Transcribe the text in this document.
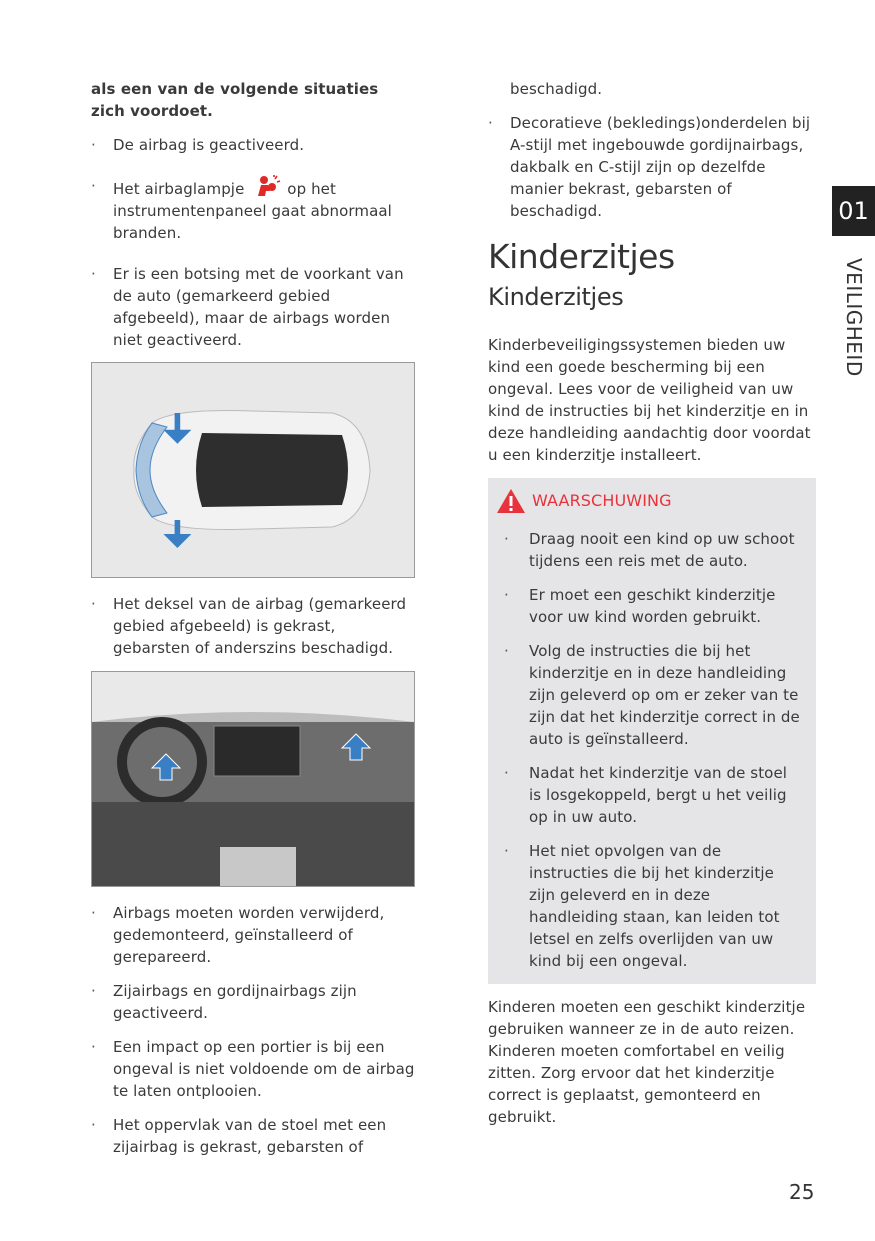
als een van de volgende situaties zich voordoet.

· De airbag is geactiveerd.
· Het airbaglampje	op het instrumentenpaneel gaat abnormaal branden.
· Er is een botsing met de voorkant van de auto (gemarkeerd gebied afgebeeld), maar de airbags worden niet geactiveerd.
· Het deksel van de airbag (gemarkeerd gebied afgebeeld) is gekrast, gebarsten of anderszins beschadigd.
· Airbags moeten worden verwijderd, gedemonteerd, geïnstalleerd of gerepareerd.
· Zijairbags en gordijnairbags zijn geactiveerd.
· Een impact op een portier is bij een ongeval is niet voldoende om de airbag te laten ontplooien.
· Het oppervlak van de stoel met een zijairbag is gekrast, gebarsten of

beschadigd.

· Decoratieve (bekledings)onderdelen bij A-stijl met ingebouwde gordijnairbags, dakbalk en C-stijl zijn op dezelfde manier bekrast, gebarsten of beschadigd.
Kinderzitjes
Kinderzitjes

Kinderbeveiligingssystemen bieden uw kind een goede bescherming bij een ongeval. Lees voor de veiligheid van uw kind de instructies bij het kinderzitje en in deze handleiding aandachtig door voordat u een kinderzitje installeert.

WAARSCHUWING
· Draag nooit een kind op uw schoot tijdens een reis met de auto.
· Er moet een geschikt kinderzitje voor uw kind worden gebruikt.
· Volg de instructies die bij het kinderzitje en in deze handleiding zijn geleverd op om er zeker van te zijn dat het kinderzitje correct in de auto is geïnstalleerd.
· Nadat het kinderzitje van de stoel is losgekoppeld, bergt u het veilig op in uw auto.
· Het niet opvolgen van de instructies die bij het kinderzitje zijn geleverd en in deze handleiding staan, kan leiden tot letsel en zelfs overlijden van uw kind bij een ongeval.

Kinderen moeten een geschikt kinderzitje gebruiken wanneer ze in de auto reizen. Kinderen moeten comfortabel en veilig zitten. Zorg ervoor dat het kinderzitje correct is geplaatst, gemonteerd en gebruikt.

01
VEILIGHEID
25
